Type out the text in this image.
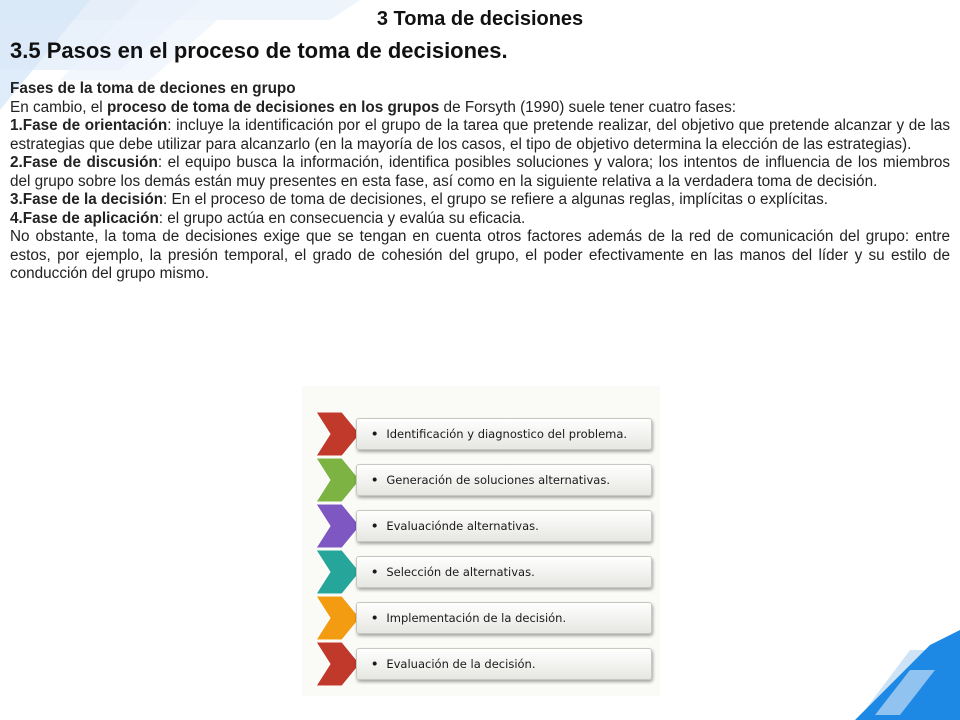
3 Toma de decisiones
3.5 Pasos en el proceso de toma de decisiones.

Fases de la toma de deciones en grupo

En cambio, el proceso de toma de decisiones en los grupos de Forsyth (1990) suele tener cuatro fases:

1.Fase de orientación: incluye la identificación por el grupo de la tarea que pretende realizar, del objetivo que pretende alcanzar y de las estrategias que debe utilizar para alcanzarlo (en la mayoría de los casos, el tipo de objetivo determina la elección de las estrategias).

2.Fase de discusión: el equipo busca la información, identifica posibles soluciones y valora; los intentos de influencia de los miembros del grupo sobre los demás están muy presentes en esta fase, así como en la siguiente relativa a la verdadera toma de decisión.

3.Fase de la decisión: En el proceso de toma de decisiones, el grupo se refiere a algunas reglas, implícitas o explícitas.

4.Fase de aplicación: el grupo actúa en consecuencia y evalúa su eficacia.

No obstante, la toma de decisiones exige que se tengan en cuenta otros factores además de la red de comunicación del grupo: entre estos, por ejemplo, la presión temporal, el grado de cohesión del grupo, el poder efectivamente en las manos del líder y su estilo de conducción del grupo mismo.

• Identificación y diagnostico del problema.
• Generación de soluciones alternativas.
• Evaluaciónde alternativas.
• Selección de alternativas.
• Implementación de la decisión.
• Evaluación de la decisión.
